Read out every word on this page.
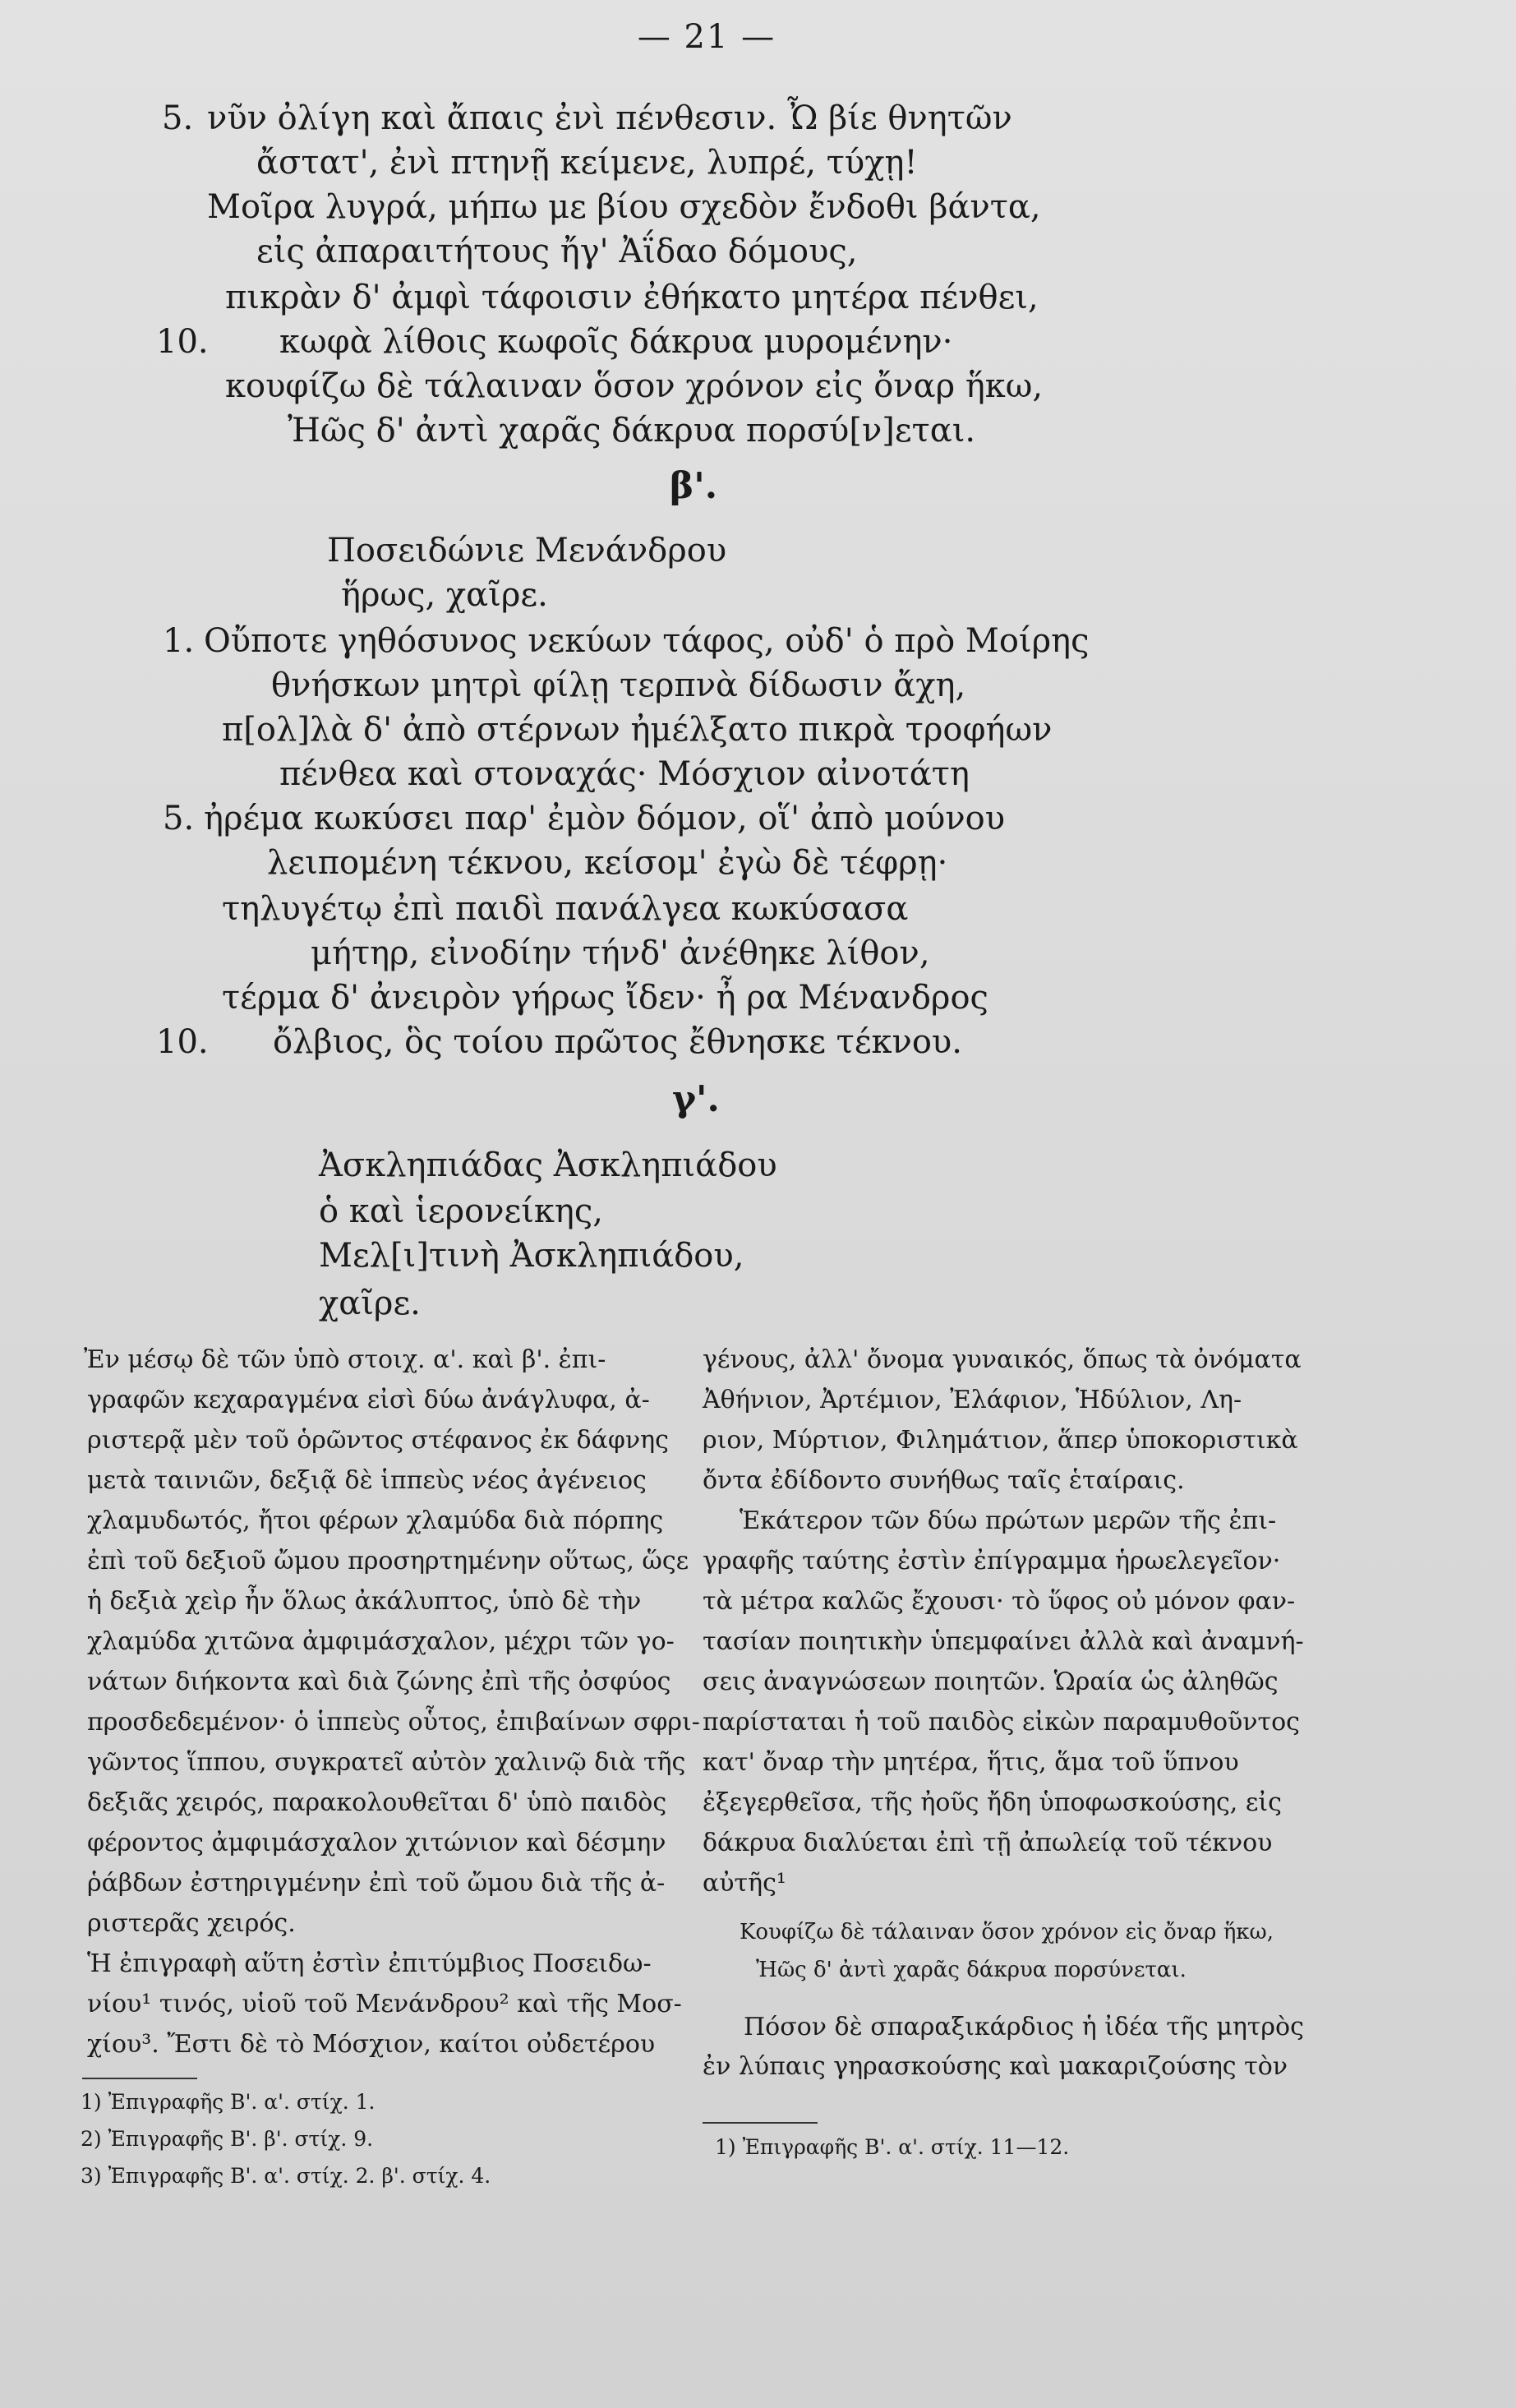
— 21 —
5. νῦν ὀλίγη καὶ ἄπαις ἐνὶ πένθεσιν. Ὦ βίε θνητῶν
ἄστατ', ἐνὶ πτηνῇ κείμενε, λυπρέ, τύχῃ!
Μοῖρα λυγρά, μήπω με βίου σχεδὸν ἔνδοθι βάντα,
εἰς ἀπαραιτήτους ἤγ' Ἀΐδαο δόμους,
πικρὰν δ' ἀμφὶ τάφοισιν ἐθήκατο μητέρα πένθει,
10. κωφὰ λίθοις κωφοῖς δάκρυα μυρομένην·
κουφίζω δὲ τάλαιναν ὅσον χρόνον εἰς ὄναρ ἥκω,
Ἠῶς δ' ἀντὶ χαρᾶς δάκρυα πορσύ[ν]εται.
β'.
Ποσειδώνιε Μενάνδρου
ἥρως, χαῖρε.
1. Οὔποτε γηθόσυνος νεκύων τάφος, οὐδ' ὁ πρὸ Μοίρης
θνήσκων μητρὶ φίλῃ τερπνὰ δίδωσιν ἄχη,
π[ολ]λὰ δ' ἀπὸ στέρνων ἠμέλξατο πικρὰ τροφήων
πένθεα καὶ στοναχάς· Μόσχιον αἰνοτάτη
5. ἠρέμα κωκύσει παρ' ἐμὸν δόμον, οἵ' ἀπὸ μούνου
λειπομένη τέκνου, κείσομ' ἐγὼ δὲ τέφρῃ·
τηλυγέτῳ ἐπὶ παιδὶ πανάλγεα κωκύσασα
μήτηρ, εἰνοδίην τήνδ' ἀνέθηκε λίθον,
τέρμα δ' ἀνειρὸν γήρως ἴδεν· ἦ ρα Μένανδρος
10. ὄλβιος, ὃς τοίου πρῶτος ἔθνησκε τέκνου.
γ'.
Ἀσκληπιάδας Ἀσκληπιάδου
ὁ καὶ ἱερονείκης,
Μελ[ι]τινὴ Ἀσκληπιάδου,
χαῖρε.
Ἐν μέσῳ δὲ τῶν ὑπὸ στοιχ. α'. καὶ β'. ἐπι-
γραφῶν κεχαραγμένα εἰσὶ δύω ἀνάγλυφα, ἀ-
ριστερᾷ μὲν τοῦ ὁρῶντος στέφανος ἐκ δάφνης
μετὰ ταινιῶν, δεξιᾷ δὲ ἱππεὺς νέος ἀγένειος
χλαμυδωτός, ἤτοι φέρων χλαμύδα διὰ πόρπης
ἐπὶ τοῦ δεξιοῦ ὤμου προσηρτημένην οὕτως, ὥςε
ἡ δεξιὰ χεὶρ ἦν ὅλως ἀκάλυπτος, ὑπὸ δὲ τὴν
χλαμύδα χιτῶνα ἀμφιμάσχαλον, μέχρι τῶν γο-
νάτων διήκοντα καὶ διὰ ζώνης ἐπὶ τῆς ὀσφύος
προσδεδεμένον· ὁ ἱππεὺς οὗτος, ἐπιβαίνων σφρι-
γῶντος ἵππου, συγκρατεῖ αὐτὸν χαλινῷ διὰ τῆς
δεξιᾶς χειρός, παρακολουθεῖται δ' ὑπὸ παιδὸς
φέροντος ἀμφιμάσχαλον χιτώνιον καὶ δέσμην
ῥάβδων ἐστηριγμένην ἐπὶ τοῦ ὤμου διὰ τῆς ἀ-
ριστερᾶς χειρός.
Ἡ ἐπιγραφὴ αὕτη ἐστὶν ἐπιτύμβιος Ποσειδω-
νίου¹ τινός, υἱοῦ τοῦ Μενάνδρου² καὶ τῆς Μοσ-
χίου³. Ἔστι δὲ τὸ Μόσχιον, καίτοι οὐδετέρου
1) Ἐπιγραφῆς Β'. α'. στίχ. 1.
2) Ἐπιγραφῆς Β'. β'. στίχ. 9.
3) Ἐπιγραφῆς Β'. α'. στίχ. 2. β'. στίχ. 4.
γένους, ἀλλ' ὄνομα γυναικός, ὅπως τὰ ὀνόματα
Ἀθήνιον, Ἀρτέμιον, Ἐλάφιον, Ἡδύλιον, Λη-
ριον, Μύρτιον, Φιλημάτιον, ἅπερ ὑποκοριστικὰ
ὄντα ἐδίδοντο συνήθως ταῖς ἑταίραις.
Ἑκάτερον τῶν δύω πρώτων μερῶν τῆς ἐπι-
γραφῆς ταύτης ἐστὶν ἐπίγραμμα ἡρωελεγεῖον·
τὰ μέτρα καλῶς ἔχουσι· τὸ ὕφος οὐ μόνον φαν-
τασίαν ποιητικὴν ὑπεμφαίνει ἀλλὰ καὶ ἀναμνή-
σεις ἀναγνώσεων ποιητῶν. Ὡραία ὡς ἀληθῶς
παρίσταται ἡ τοῦ παιδὸς εἰκὼν παραμυθοῦντος
κατ' ὄναρ τὴν μητέρα, ἥτις, ἅμα τοῦ ὕπνου
ἐξεγερθεῖσα, τῆς ἠοῦς ἤδη ὑποφωσκούσης, εἰς
δάκρυα διαλύεται ἐπὶ τῇ ἀπωλείᾳ τοῦ τέκνου
αὐτῆς¹
Κουφίζω δὲ τάλαιναν ὅσον χρόνον εἰς ὄναρ ἥκω,
Ἠῶς δ' ἀντὶ χαρᾶς δάκρυα πορσύνεται.
Πόσον δὲ σπαραξικάρδιος ἡ ἰδέα τῆς μητρὸς
ἐν λύπαις γηρασκούσης καὶ μακαριζούσης τὸν
1) Ἐπιγραφῆς Β'. α'. στίχ. 11—12.
